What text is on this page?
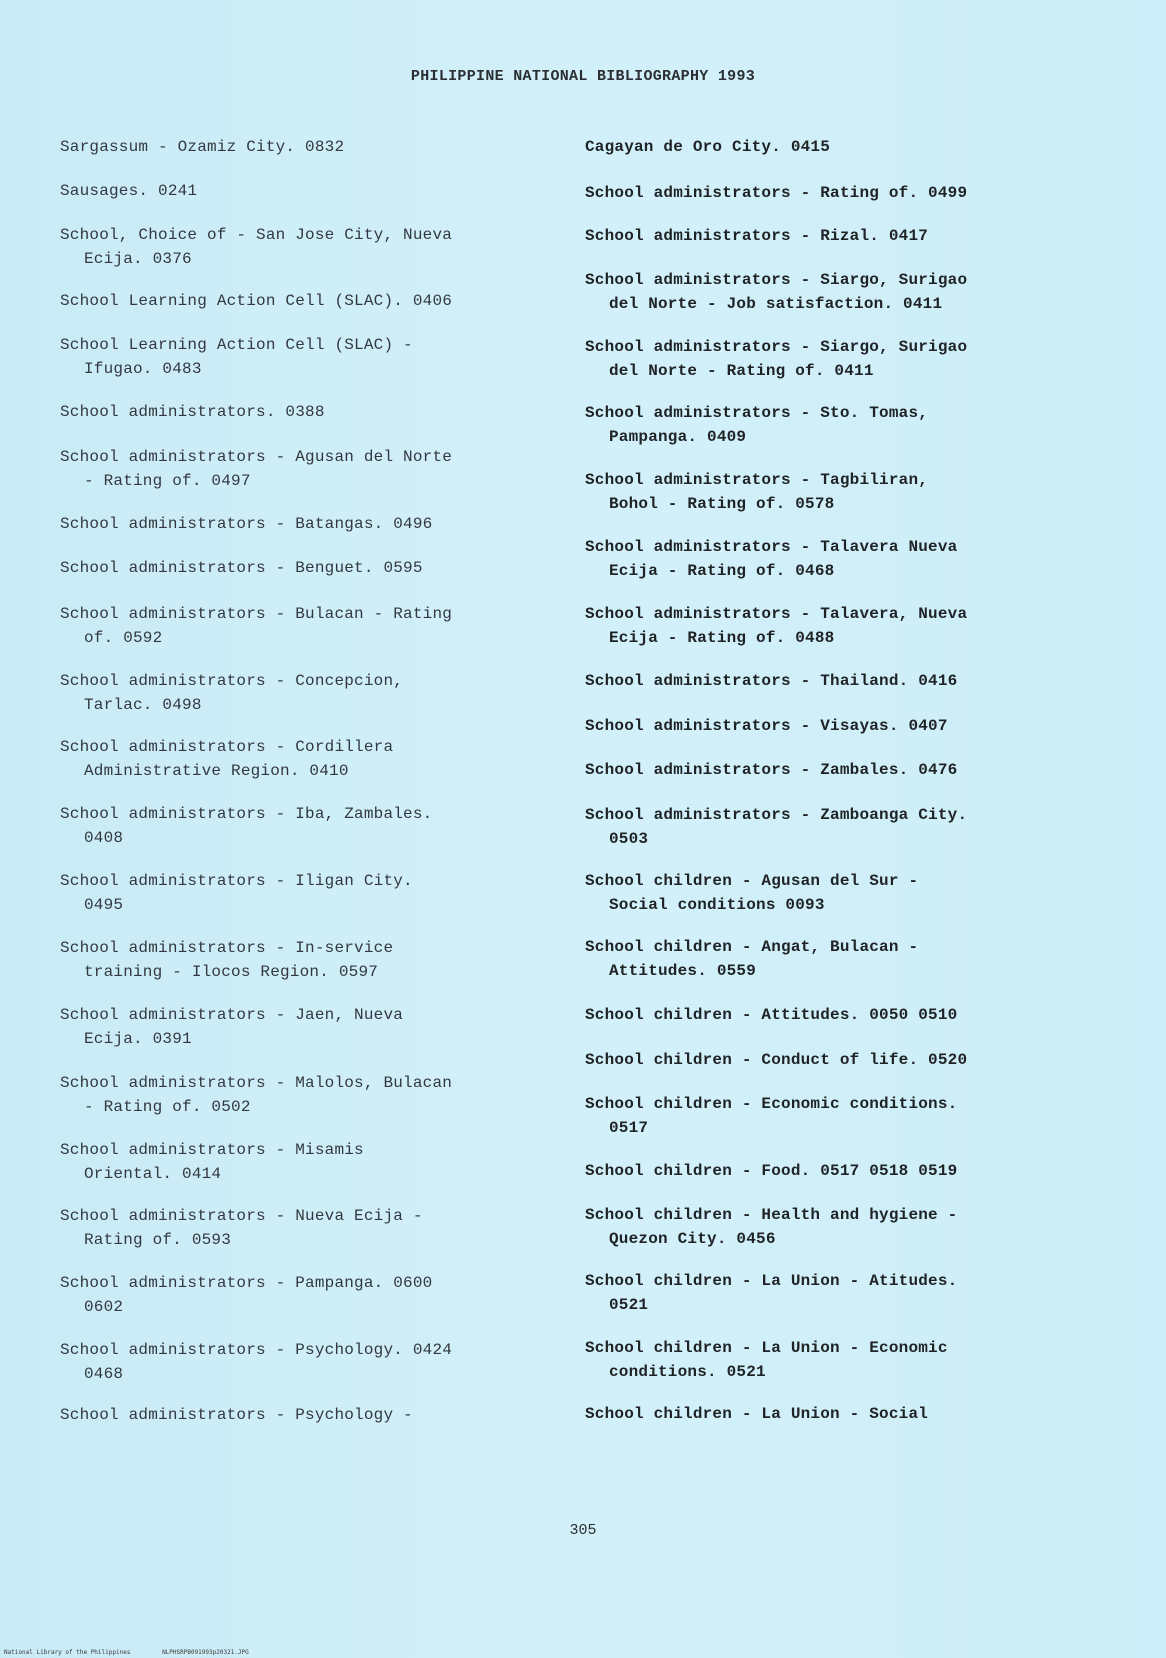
PHILIPPINE NATIONAL BIBLIOGRAPHY 1993
Sargassum - Ozamiz City. 0832
Sausages. 0241
School, Choice of - San Jose City, Nueva
Ecija. 0376
School Learning Action Cell (SLAC). 0406
School Learning Action Cell (SLAC) -
Ifugao. 0483
School administrators. 0388
School administrators - Agusan del Norte
- Rating of. 0497
School administrators - Batangas. 0496
School administrators - Benguet. 0595
School administrators - Bulacan - Rating
of. 0592
School administrators - Concepcion,
Tarlac. 0498
School administrators - Cordillera
Administrative Region. 0410
School administrators - Iba, Zambales.
0408
School administrators - Iligan City.
0495
School administrators - In-service
training - Ilocos Region. 0597
School administrators - Jaen, Nueva
Ecija. 0391
School administrators - Malolos, Bulacan
- Rating of. 0502
School administrators - Misamis
Oriental. 0414
School administrators - Nueva Ecija -
Rating of. 0593
School administrators - Pampanga. 0600
0602
School administrators - Psychology. 0424
0468
School administrators - Psychology -
Cagayan de Oro City. 0415
School administrators - Rating of. 0499
School administrators - Rizal. 0417
School administrators - Siargo, Surigao
del Norte - Job satisfaction. 0411
School administrators - Siargo, Surigao
del Norte - Rating of. 0411
School administrators - Sto. Tomas,
Pampanga. 0409
School administrators - Tagbiliran,
Bohol - Rating of. 0578
School administrators - Talavera Nueva
Ecija - Rating of. 0468
School administrators - Talavera, Nueva
Ecija - Rating of. 0488
School administrators - Thailand. 0416
School administrators - Visayas. 0407
School administrators - Zambales. 0476
School administrators - Zamboanga City.
0503
School children - Agusan del Sur -
Social conditions 0093
School children - Angat, Bulacan -
Attitudes. 0559
School children - Attitudes. 0050 0510
School children - Conduct of life. 0520
School children - Economic conditions.
0517
School children - Food. 0517 0518 0519
School children - Health and hygiene -
Quezon City. 0456
School children - La Union - Atitudes.
0521
School children - La Union - Economic
conditions. 0521
School children - La Union - Social
305
National Library of the Philippines	NLPHSRPB091993p20321.JPG
